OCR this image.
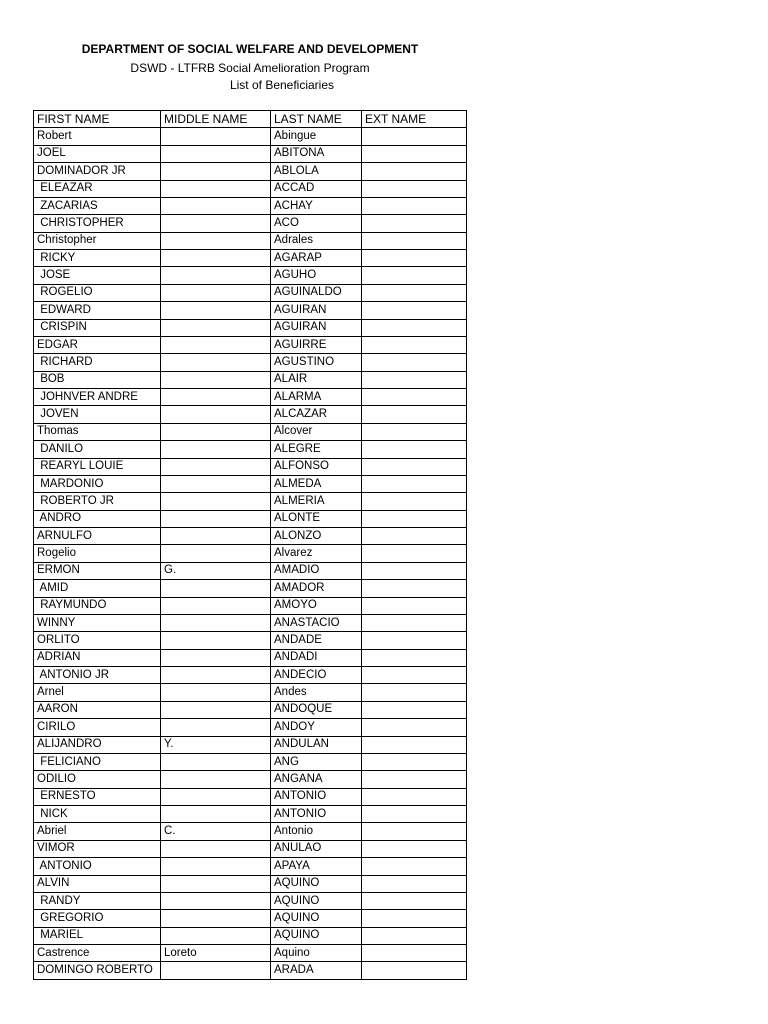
DEPARTMENT OF SOCIAL WELFARE AND DEVELOPMENT
DSWD - LTFRB Social Amelioration Program
List of Beneficiaries
FIRST NAME	MIDDLE NAME	LAST NAME	EXT NAME
Robert		Abingue	
JOEL		ABITONA	
DOMINADOR JR		ABLOLA	
ELEAZAR		ACCAD	
ZACARIAS		ACHAY	
CHRISTOPHER		ACO	
Christopher		Adrales	
RICKY		AGARAP	
JOSE		AGUHO	
ROGELIO		AGUINALDO	
EDWARD		AGUIRAN	
CRISPIN		AGUIRAN	
EDGAR		AGUIRRE	
RICHARD		AGUSTINO	
BOB		ALAIR	
JOHNVER ANDRE		ALARMA	
JOVEN		ALCAZAR	
Thomas		Alcover	
DANILO		ALEGRE	
REARYL LOUIE		ALFONSO	
MARDONIO		ALMEDA	
ROBERTO JR		ALMERIA	
ANDRO		ALONTE	
ARNULFO		ALONZO	
Rogelio		Alvarez	
ERMON	G.	AMADIO	
AMID		AMADOR	
RAYMUNDO		AMOYO	
WINNY		ANASTACIO	
ORLITO		ANDADE	
ADRIAN		ANDADI	
ANTONIO JR		ANDECIO	
Arnel		Andes	
AARON		ANDOQUE	
CIRILO		ANDOY	
ALIJANDRO	Y.	ANDULAN	
FELICIANO		ANG	
ODILIO		ANGANA	
ERNESTO		ANTONIO	
NICK		ANTONIO	
Abriel	C.	Antonio	
VIMOR		ANULAO	
ANTONIO		APAYA	
ALVIN		AQUINO	
RANDY		AQUINO	
GREGORIO		AQUINO	
MARIEL		AQUINO	
Castrence	Loreto	Aquino	
DOMINGO ROBERTO		ARADA	
